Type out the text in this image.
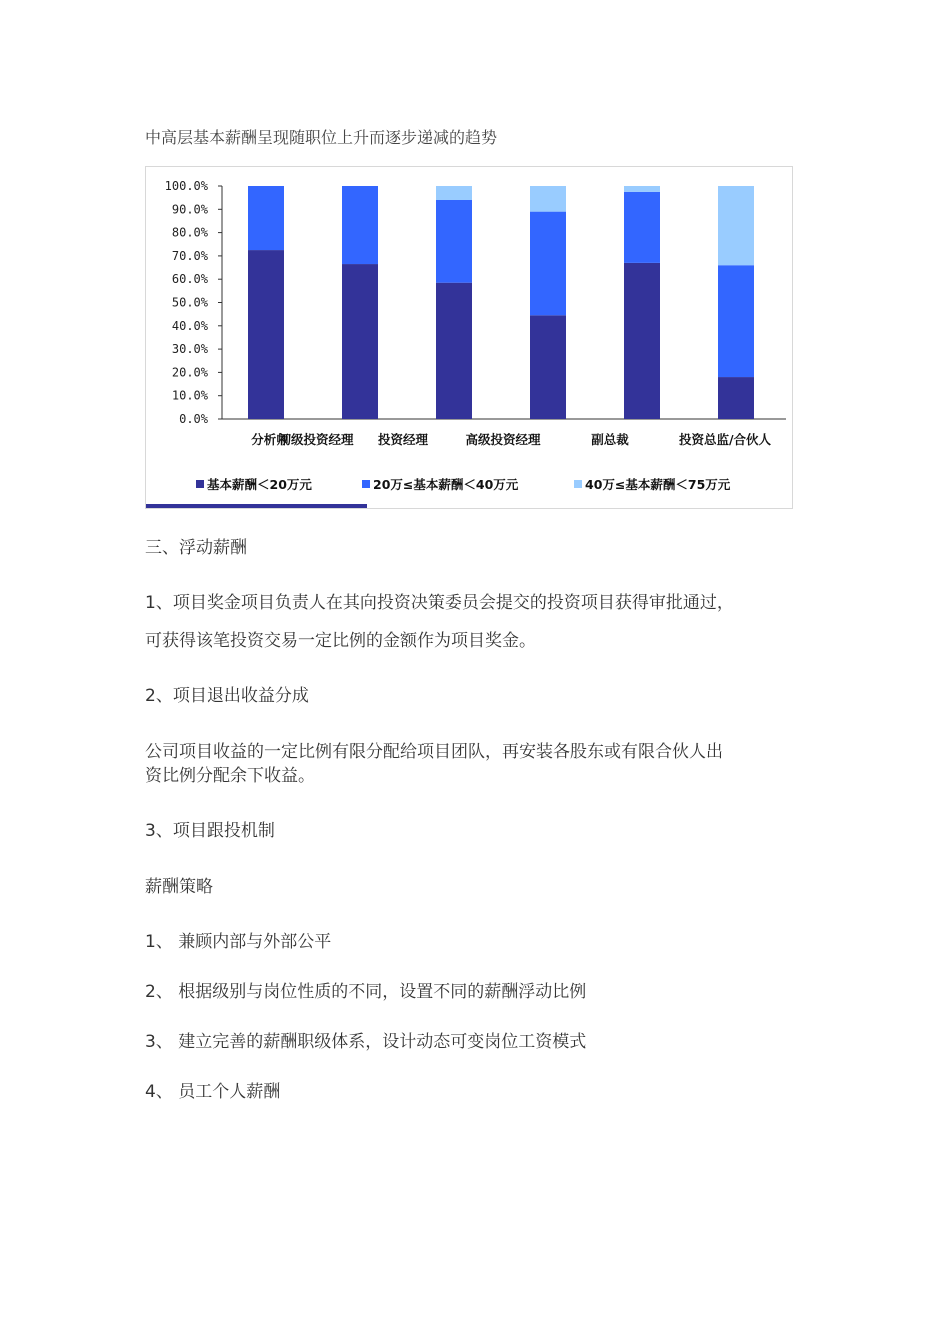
中高层基本薪酬呈现随职位上升而逐步递减的趋势

100.0%
90.0%
80.0%
70.0%
60.0%
50.0%
40.0%
30.0%
20.0%
10.0%
0.0%
分析师
初级投资经理 投资经理	高级投资经理	副总裁	投资总监/合伙人
基本薪酬＜20万元	20万≤基本薪酬＜40万元	40万≤基本薪酬＜75万元

三、浮动薪酬

1、项目奖金项目负责人在其向投资决策委员会提交的投资项目获得审批通过，

可获得该笔投资交易一定比例的金额作为项目奖金。

2、项目退出收益分成

公司项目收益的一定比例有限分配给项目团队，再安装各股东或有限合伙人出

资比例分配余下收益。

3、项目跟投机制

薪酬策略

1、 兼顾内部与外部公平

2、 根据级别与岗位性质的不同，设置不同的薪酬浮动比例

3、 建立完善的薪酬职级体系，设计动态可变岗位工资模式

4、 员工个人薪酬
